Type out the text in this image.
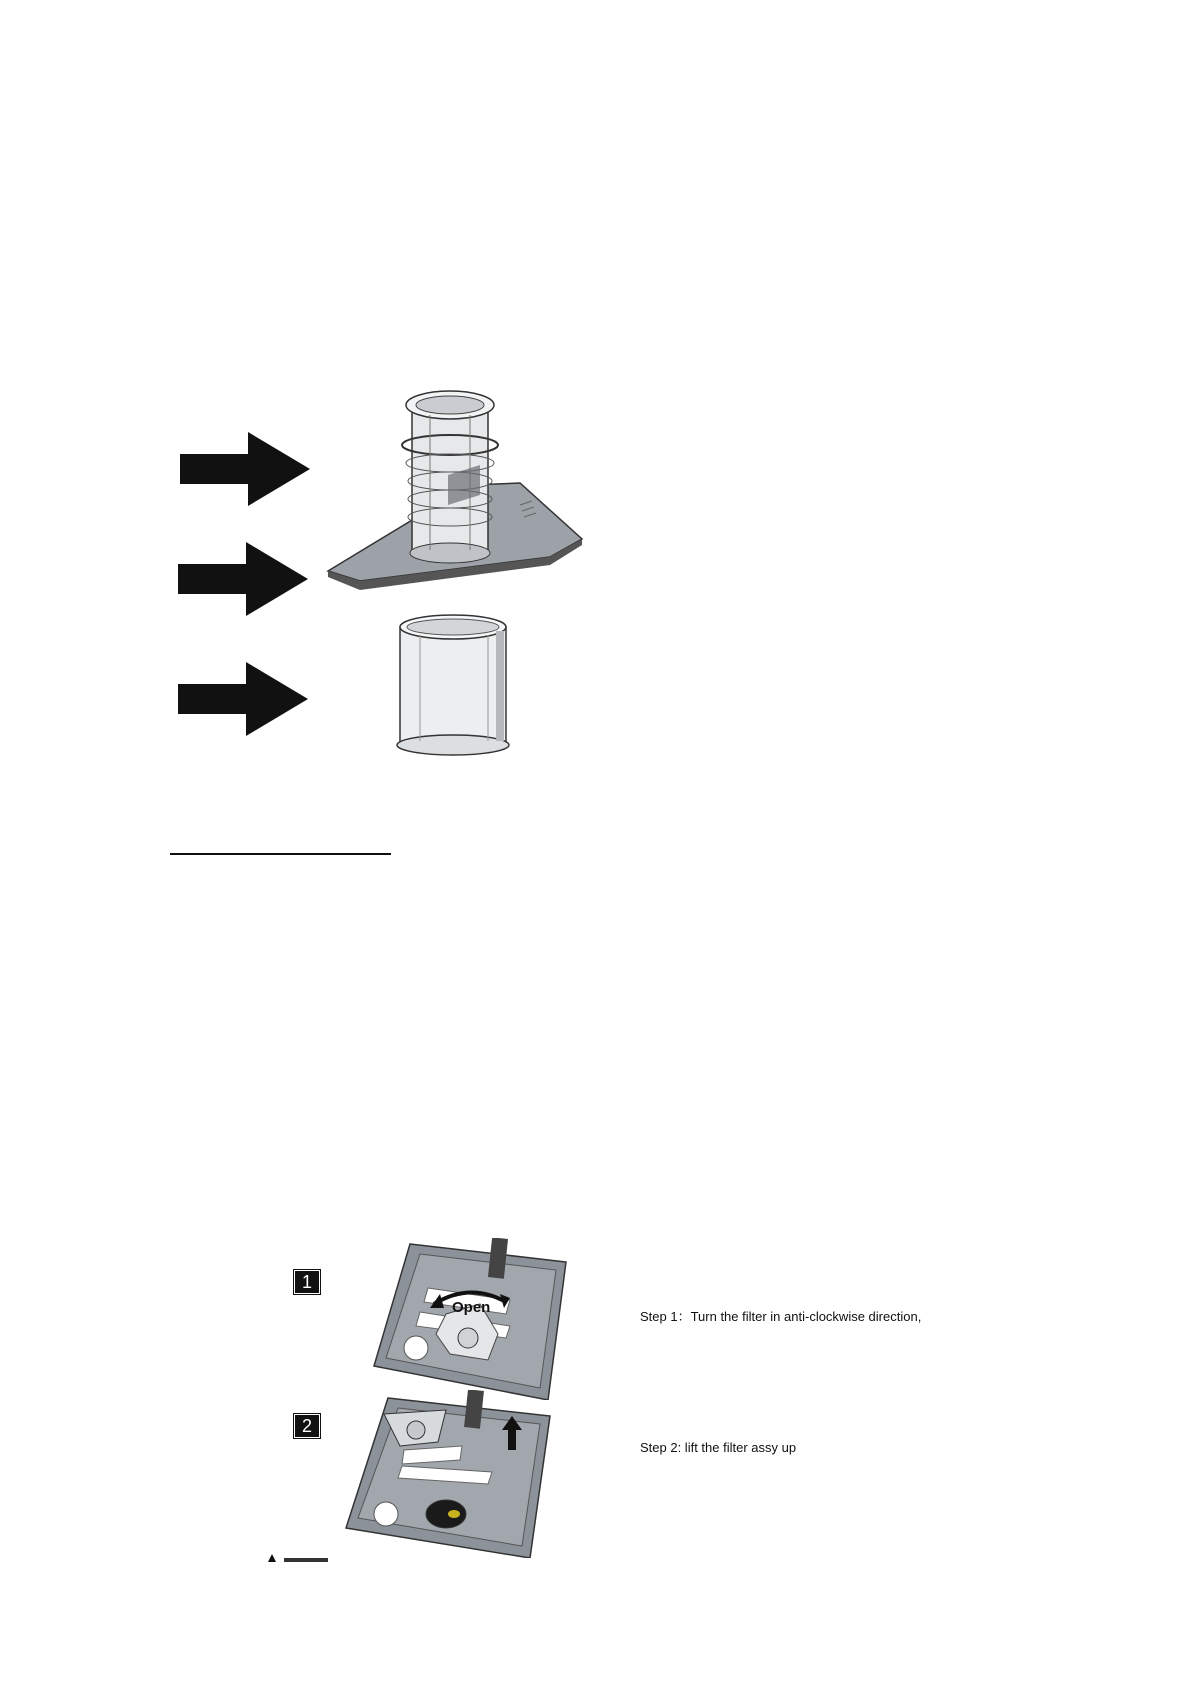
1
Open
Step 1：Turn the filter in anti-clockwise direction,
2
Step 2: lift the filter assy up
